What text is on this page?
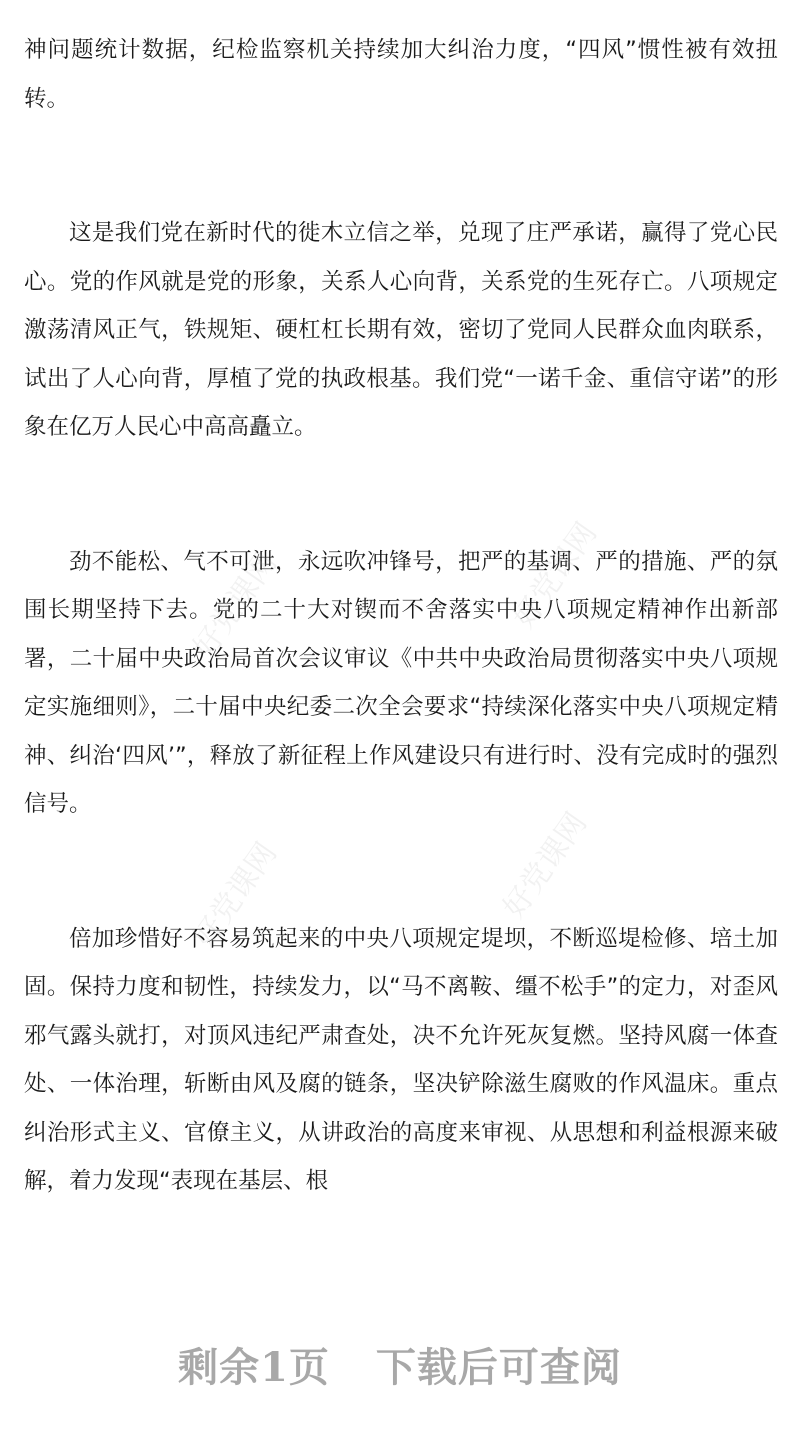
神问题统计数据，纪检监察机关持续加大纠治力度，“四风”惯性被有效扭转。

这是我们党在新时代的徙木立信之举，兑现了庄严承诺，赢得了党心民心。党的作风就是党的形象，关系人心向背，关系党的生死存亡。八项规定激荡清风正气，铁规矩、硬杠杠长期有效，密切了党同人民群众血肉联系，试出了人心向背，厚植了党的执政根基。我们党“一诺千金、重信守诺”的形象在亿万人民心中高高矗立。

劲不能松、气不可泄，永远吹冲锋号，把严的基调、严的措施、严的氛围长期坚持下去。党的二十大对锲而不舍落实中央八项规定精神作出新部署，二十届中央政治局首次会议审议《中共中央政治局贯彻落实中央八项规定实施细则》，二十届中央纪委二次全会要求“持续深化落实中央八项规定精神、纠治‘四风’”，释放了新征程上作风建设只有进行时、没有完成时的强烈信号。

倍加珍惜好不容易筑起来的中央八项规定堤坝，不断巡堤检修、培土加固。保持力度和韧性，持续发力，以“马不离鞍、缰不松手”的定力，对歪风邪气露头就打，对顶风违纪严肃查处，决不允许死灰复燃。坚持风腐一体查处、一体治理，斩断由风及腐的链条，坚决铲除滋生腐败的作风温床。重点纠治形式主义、官僚主义，从讲政治的高度来审视、从思想和利益根源来破解，着力发现“表现在基层、根

好党课网	好党课网
好党课网	好党课网
剩余1页 下载后可查阅
